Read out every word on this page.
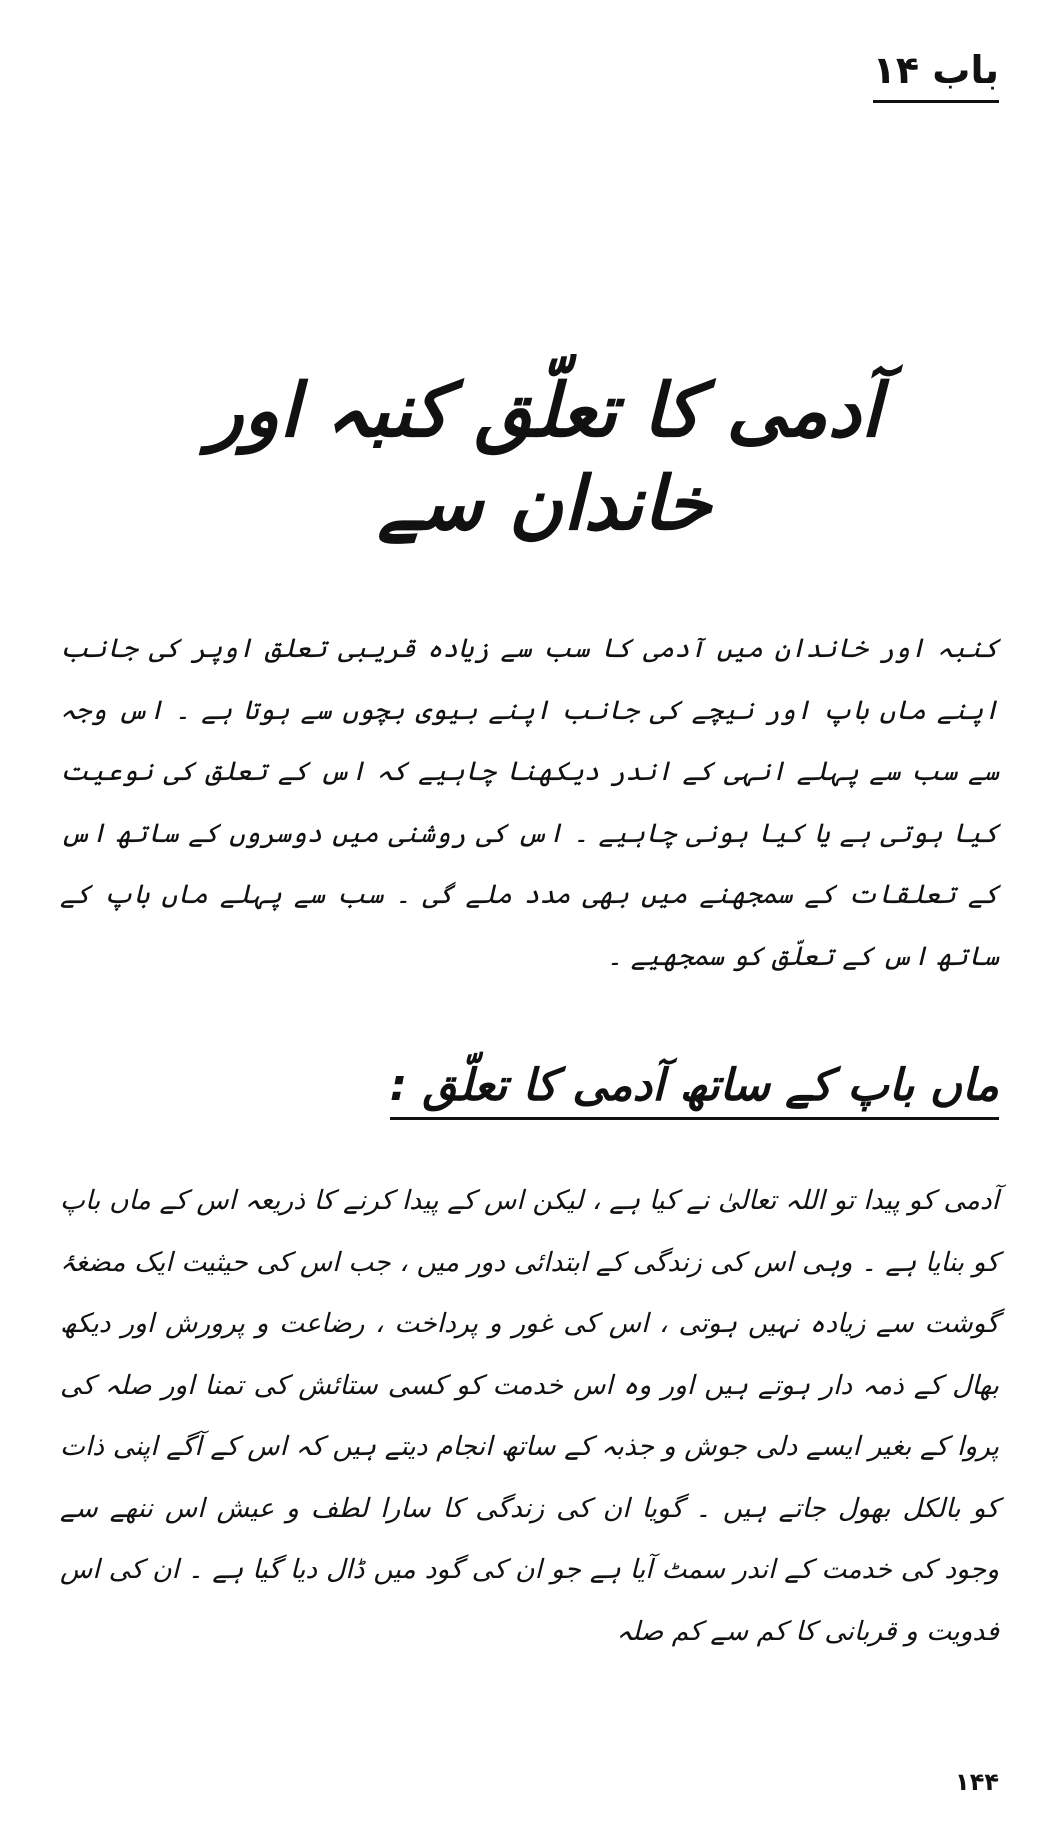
باب ۱۴
آدمی کا تعلّق کنبہ اور خاندان سے
کنبہ اور خاندان میں آدمی کا سب سے زیادہ قریبی تعلق اوپر کی جانب اپنے ماں باپ اور نیچے کی جانب اپنے بیوی بچوں سے ہوتا ہے ۔ اس وجہ سے سب سے پہلے انہی کے اندر دیکھنا چاہیے کہ اس کے تعلق کی نوعیت کیا ہوتی ہے یا کیا ہونی چاہیے ۔ اس کی روشنی میں دوسروں کے ساتھ اس کے تعلقات کے سمجھنے میں بھی مدد ملے گی ۔ سب سے پہلے ماں باپ کے ساتھ اس کے تعلّق کو سمجھیے ۔
ماں باپ کے ساتھ آدمی کا تعلّق :
آدمی کو پیدا تو اللہ تعالیٰ نے کیا ہے ، لیکن اس کے پیدا کرنے کا ذریعہ اس کے ماں باپ کو بنایا ہے ۔ وہی اس کی زندگی کے ابتدائی دور میں ، جب اس کی حیثیت ایک مضغۂ گوشت سے زیادہ نہیں ہوتی ، اس کی غور و پرداخت ، رضاعت و پرورش اور دیکھ بھال کے ذمہ دار ہوتے ہیں اور وہ اس خدمت کو کسی ستائش کی تمنا اور صلہ کی پروا کے بغیر ایسے دلی جوش و جذبہ کے ساتھ انجام دیتے ہیں کہ اس کے آگے اپنی ذات کو بالکل بھول جاتے ہیں ۔ گویا ان کی زندگی کا سارا لطف و عیش اس ننھے سے وجود کی خدمت کے اندر سمٹ آیا ہے جو ان کی گود میں ڈال دیا گیا ہے ۔ ان کی اس فدویت و قربانی کا کم سے کم صلہ
۱۴۴
